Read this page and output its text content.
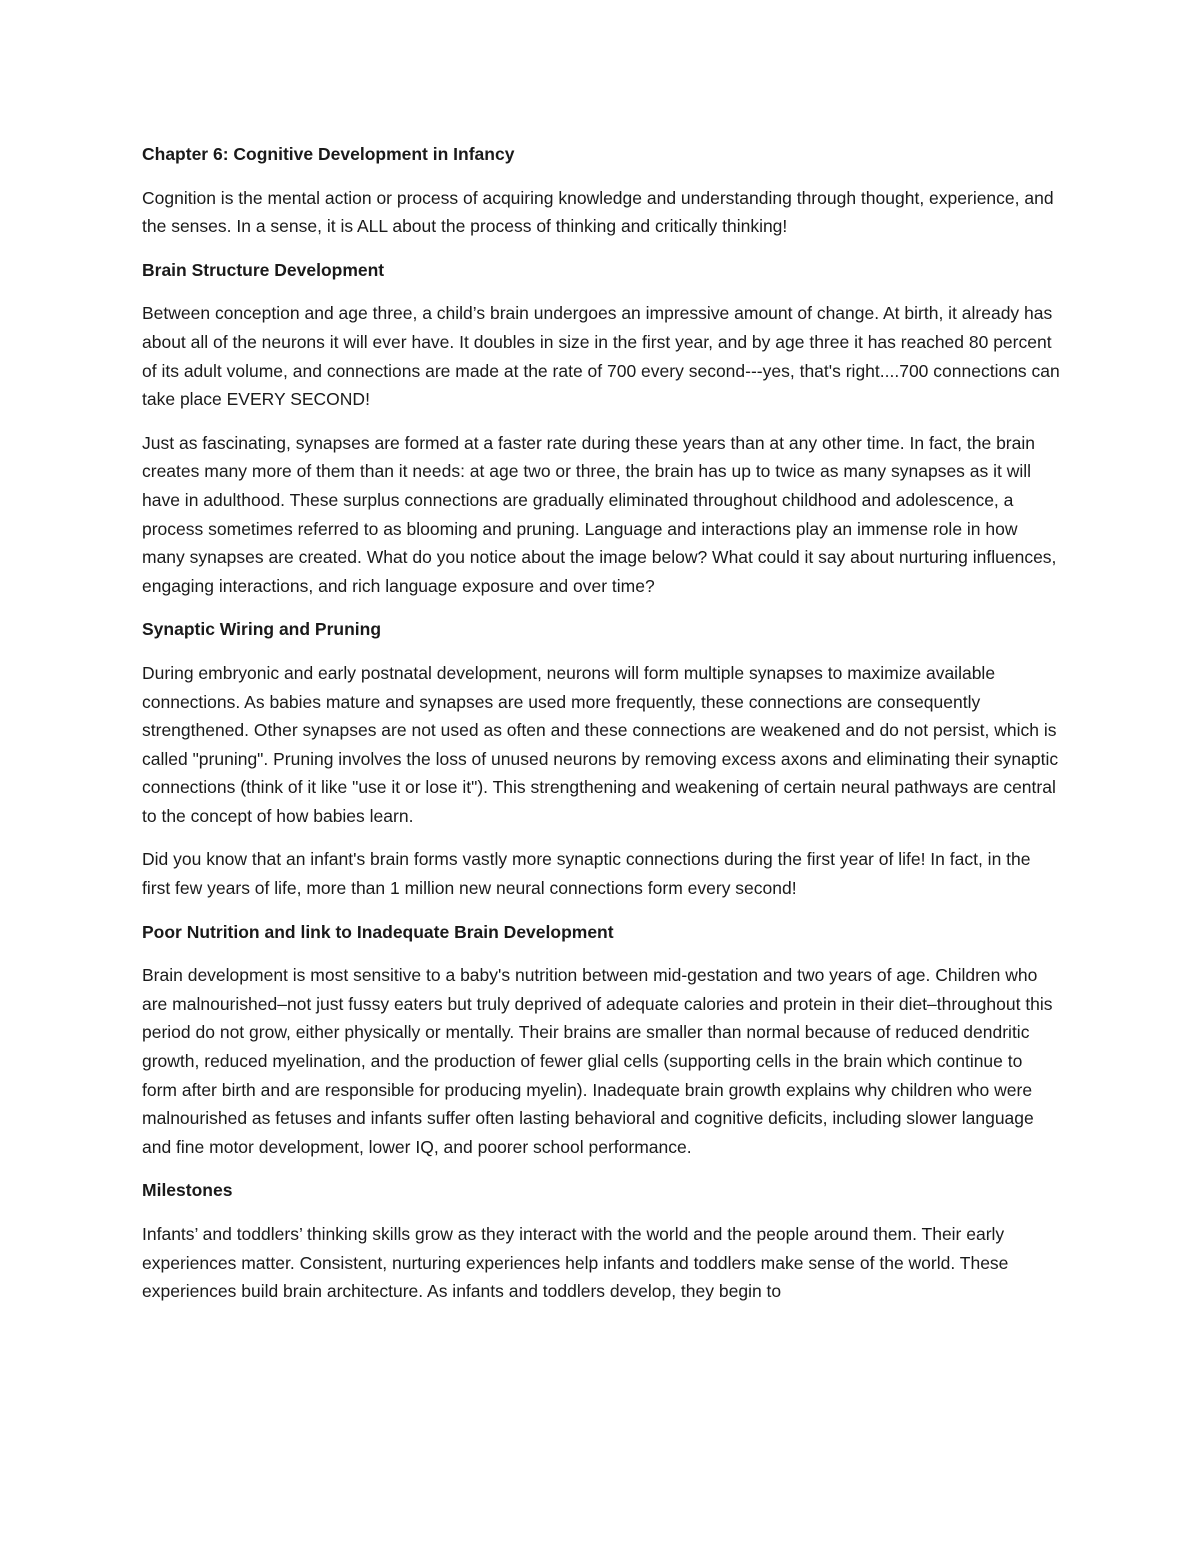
Chapter 6: Cognitive Development in Infancy

Cognition is the mental action or process of acquiring knowledge and understanding through thought, experience, and the senses. In a sense, it is ALL about the process of thinking and critically thinking!

Brain Structure Development

Between conception and age three, a child’s brain undergoes an impressive amount of change. At birth, it already has about all of the neurons it will ever have. It doubles in size in the first year, and by age three it has reached 80 percent of its adult volume, and connections are made at the rate of 700 every second---yes, that's right....700 connections can take place EVERY SECOND!

Just as fascinating, synapses are formed at a faster rate during these years than at any other time. In fact, the brain creates many more of them than it needs: at age two or three, the brain has up to twice as many synapses as it will have in adulthood. These surplus connections are gradually eliminated throughout childhood and adolescence, a process sometimes referred to as blooming and pruning. Language and interactions play an immense role in how many synapses are created. What do you notice about the image below? What could it say about nurturing influences, engaging interactions, and rich language exposure and over time?

Synaptic Wiring and Pruning

During embryonic and early postnatal development, neurons will form multiple synapses to maximize available connections. As babies mature and synapses are used more frequently, these connections are consequently strengthened. Other synapses are not used as often and these connections are weakened and do not persist, which is called "pruning". Pruning involves the loss of unused neurons by removing excess axons and eliminating their synaptic connections (think of it like "use it or lose it"). This strengthening and weakening of certain neural pathways are central to the concept of how babies learn.

Did you know that an infant's brain forms vastly more synaptic connections during the first year of life! In fact, in the first few years of life, more than 1 million new neural connections form every second!

Poor Nutrition and link to Inadequate Brain Development

Brain development is most sensitive to a baby's nutrition between mid-gestation and two years of age. Children who are malnourished–not just fussy eaters but truly deprived of adequate calories and protein in their diet–throughout this period do not grow, either physically or mentally. Their brains are smaller than normal because of reduced dendritic growth, reduced myelination, and the production of fewer glial cells (supporting cells in the brain which continue to form after birth and are responsible for producing myelin). Inadequate brain growth explains why children who were malnourished as fetuses and infants suffer often lasting behavioral and cognitive deficits, including slower language and fine motor development, lower IQ, and poorer school performance.

Milestones

Infants’ and toddlers’ thinking skills grow as they interact with the world and the people around them. Their early experiences matter. Consistent, nurturing experiences help infants and toddlers make sense of the world. These experiences build brain architecture. As infants and toddlers develop, they begin to
